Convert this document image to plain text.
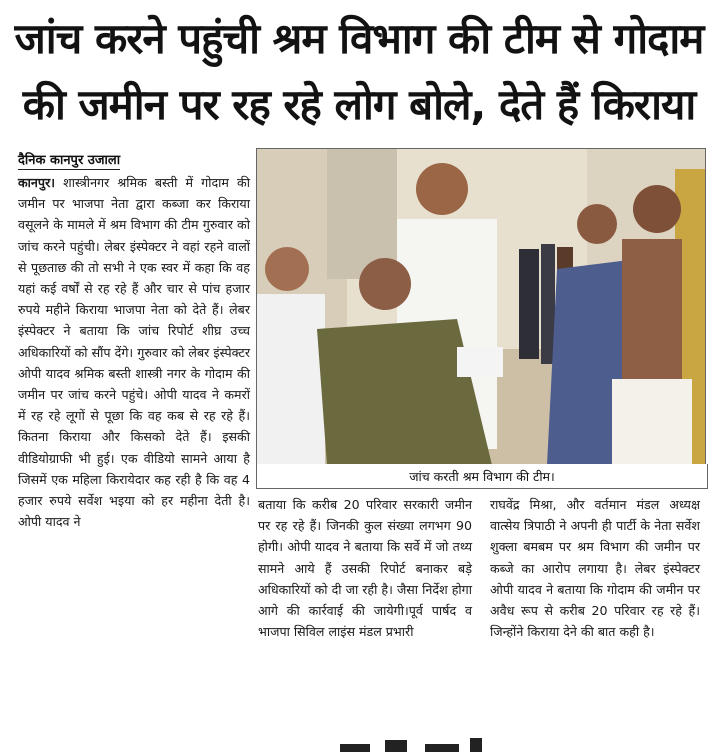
जांच करने पहुंची श्रम विभाग की टीम से गोदाम
की जमीन पर रह रहे लोग बोले, देते हैं किराया
दैनिक कानपुर उजाला

कानपुर। शास्त्रीनगर श्रमिक बस्ती में गोदाम की जमीन पर भाजपा नेता द्वारा कब्जा कर किराया वसूलने के मामले में श्रम विभाग की टीम गुरुवार को जांच करने पहुंची। लेबर इंस्पेक्टर ने वहां रहने वालों से पूछताछ की तो सभी ने एक स्वर में कहा कि वह यहां कई वर्षों से रह रहे हैं और चार से पांच हजार रुपये महीने किराया भाजपा नेता को देते हैं। लेबर इंस्पेक्टर ने बताया कि जांच रिपोर्ट शीघ्र उच्च अधिकारियों को सौंप देंगे। गुरुवार को लेबर इंस्पेक्टर ओपी यादव श्रमिक बस्ती शास्त्री नगर के गोदाम की जमीन पर जांच करने पहुंचे। ओपी यादव ने कमरों में रह रहे लूगों से पूछा कि वह कब से रह रहे हैं। कितना किराया और किसको देते हैं। इसकी वीडियोग्राफी भी हुई। एक वीडियो सामने आया है जिसमें एक महिला किरायेदार कह रही है कि वह 4 हजार रुपये सर्वेश भइया को हर महीना देती है। ओपी यादव ने

जांच करती श्रम विभाग की टीम।

बताया कि करीब 20 परिवार सरकारी जमीन पर रह रहे हैं। जिनकी कुल संख्या लगभग 90 होगी। ओपी यादव ने बताया कि सर्वे में जो तथ्य सामने आये हैं उसकी रिपोर्ट बनाकर बड़े अधिकारियों को दी जा रही है। जैसा निर्देश होगा आगे की कार्रवाई की जायेगी।पूर्व पार्षद व भाजपा सिविल लाइंस मंडल प्रभारी

राघवेंद्र मिश्रा, और वर्तमान मंडल अध्यक्ष वात्सेय त्रिपाठी ने अपनी ही पार्टी के नेता सर्वेश शुक्ला बमबम पर श्रम विभाग की जमीन पर कब्जे का आरोप लगाया है। लेबर इंस्पेक्टर ओपी यादव ने बताया कि गोदाम की जमीन पर अवैध रूप से करीब 20 परिवार रह रहे हैं। जिन्होंने किराया देने की बात कही है।
